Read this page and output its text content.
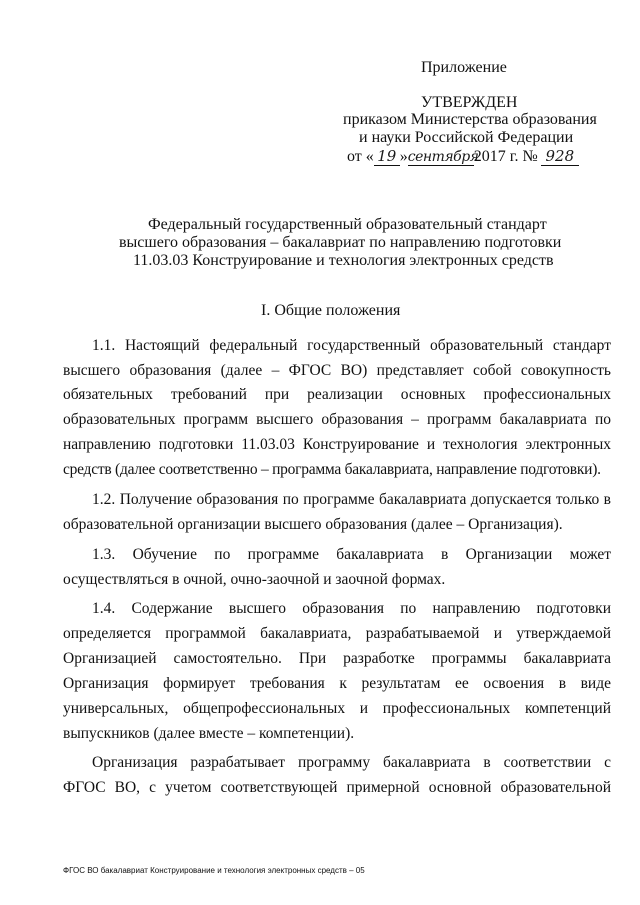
Приложение
УТВЕРЖДЕН
приказом Министерства образования
и науки Российской Федерации
от « 19 »сентября2017 г. № 928
Федеральный государственный образовательный стандарт
высшего образования – бакалавриат по направлению подготовки
11.03.03 Конструирование и технология электронных средств
I. Общие положения
1.1. Настоящий федеральный государственный образовательный стандарт
высшего образования (далее – ФГОС ВО) представляет собой совокупность
обязательных требований при реализации основных профессиональных
образовательных программ высшего образования – программ бакалавриата по
направлению подготовки 11.03.03 Конструирование и технология электронных
средств (далее соответственно – программа бакалавриата, направление подготовки).
1.2. Получение образования по программе бакалавриата допускается только в
образовательной организации высшего образования (далее – Организация).
1.3. Обучение по программе бакалавриата в Организации может
осуществляться в очной, очно-заочной и заочной формах.
1.4. Содержание высшего образования по направлению подготовки
определяется программой бакалавриата, разрабатываемой и утверждаемой
Организацией самостоятельно. При разработке программы бакалавриата
Организация формирует требования к результатам ее освоения в виде
универсальных, общепрофессиональных и профессиональных компетенций
выпускников (далее вместе – компетенции).
Организация разрабатывает программу бакалавриата в соответствии с
ФГОС ВО, с учетом соответствующей примерной основной образовательной
ФГОС ВО бакалавриат Конструирование и технология электронных средств – 05
